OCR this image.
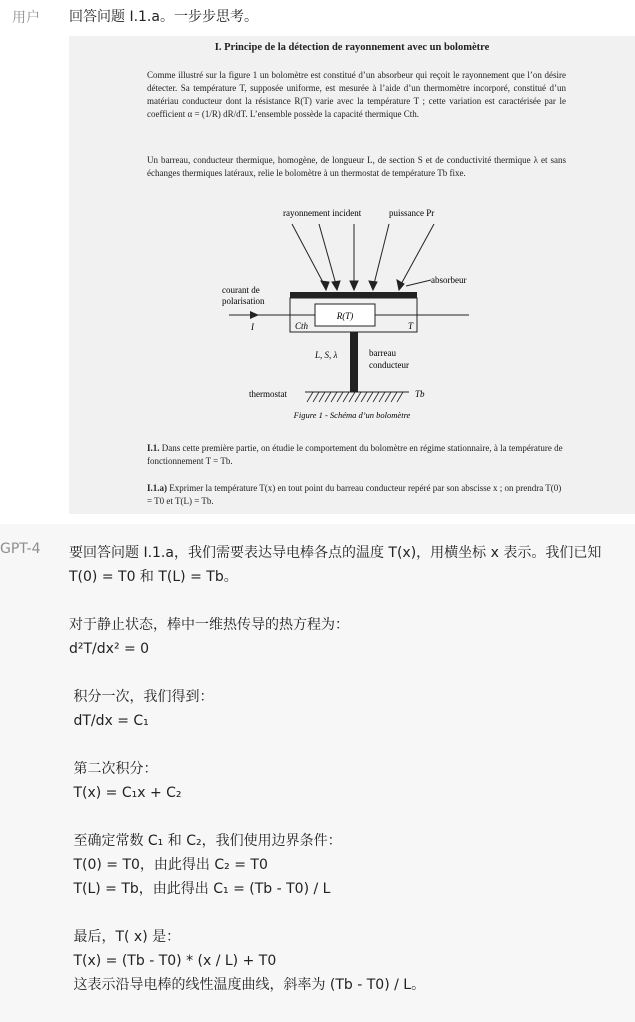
用户 回答问题 I.1.a。一步步思考。
I. Principe de la détection de rayonnement avec un bolomètre
Comme illustré sur la figure 1 un bolomètre est constitué d’un absorbeur qui reçoit le rayonnement que l’on désire détecter. Sa température T, supposée uniforme, est mesurée à l’aide d’un thermomètre incorporé, constitué d’un matériau conducteur dont la résistance R(T) varie avec la température T ; cette variation est caractérisée par le coefficient α = (1/R) dR/dT. L’ensemble possède la capacité thermique Cth.
Un barreau, conducteur thermique, homogène, de longueur L, de section S et de conductivité thermique λ et sans échanges thermiques latéraux, relie le bolomètre à un thermostat de température Tb fixe.
rayonnement incident	puissance Pr
absorbeur
R(T)
Cth	T
courant de
polarisation
I
L, S, λ	barreau
conducteur
thermostat	Tb
Figure 1 - Schéma d’un bolomètre
I.1. Dans cette première partie, on étudie le comportement du bolomètre en régime stationnaire, à la température de fonctionnement T = Tb.
I.1.a) Exprimer la température T(x) en tout point du barreau conducteur repéré par son abscisse x ; on prendra T(0) = T0 et T(L) = Tb.
GPT-4 要回答问题 I.1.a，我们需要表达导电棒各点的温度 T(x)，用横坐标 x 表示。我们已知 T(0) = T0 和 T(L) = Tb。
对于静止状态，棒中一维热传导的热方程为：
d²T/dx² = 0
积分一次，我们得到：
dT/dx = C₁
第二次积分：
T(x) = C₁x + C₂
至确定常数 C₁ 和 C₂，我们使用边界条件：
T(0) = T0，由此得出 C₂ = T0
T(L) = Tb，由此得出 C₁ = (Tb - T0) / L
最后，T( x) 是：
T(x) = (Tb - T0) * (x / L) + T0
这表示沿导电棒的线性温度曲线，斜率为 (Tb - T0) / L。
